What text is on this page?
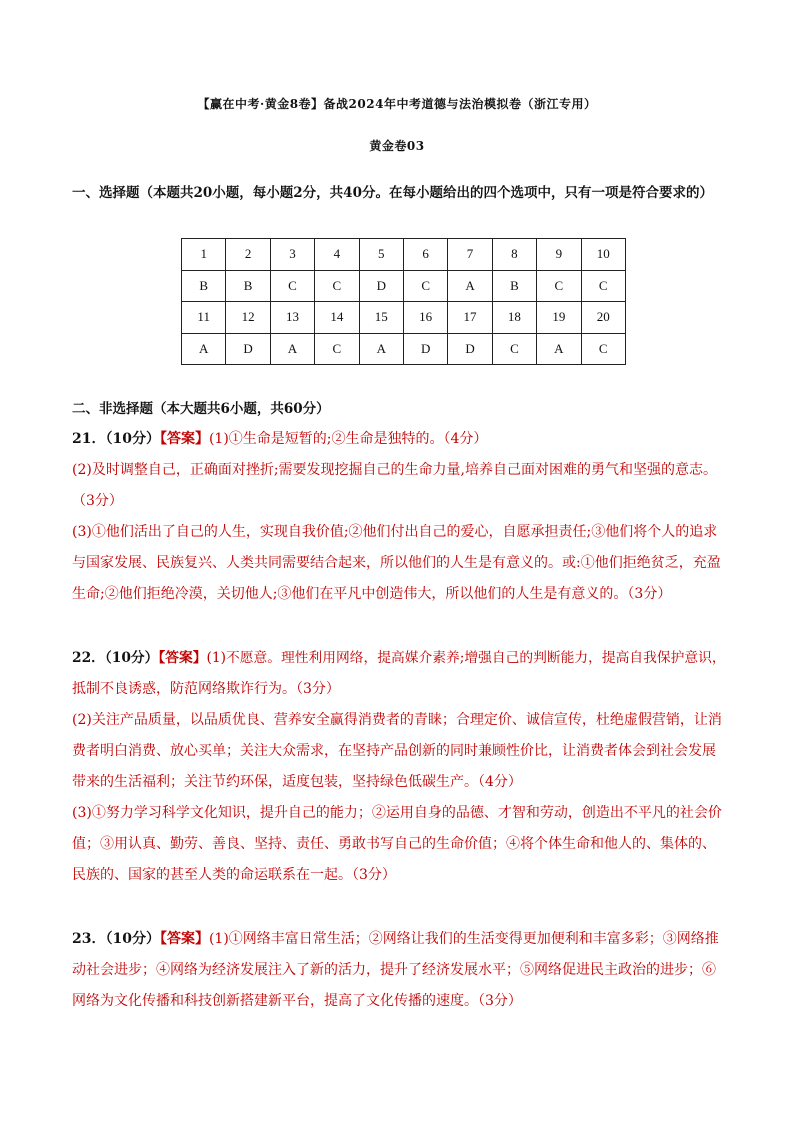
【赢在中考·黄金8卷】备战2024年中考道德与法治模拟卷（浙江专用）
黄金卷03
一、选择题（本题共20小题，每小题2分，共40分。在每小题给出的四个选项中，只有一项是符合要求的）
1	2	3	4	5	6	7	8	9	10
B	B	C	C	D	C	A	B	C	C
11	12	13	14	15	16	17	18	19	20
A	D	A	C	A	D	D	C	A	C
二、非选择题（本大题共6小题，共60分）
21．（10分）【答案】(1)①生命是短暂的;②生命是独特的。（4分）
(2)及时调整自己，正确面对挫折;需要发现挖掘自己的生命力量,培养自己面对困难的勇气和坚强的意志。
（3分）
(3)①他们活出了自己的人生，实现自我价值;②他们付出自己的爱心，自愿承担责任;③他们将个人的追求
与国家发展、民族复兴、人类共同需要结合起来，所以他们的人生是有意义的。或:①他们拒绝贫乏，充盈
生命;②他们拒绝冷漠，关切他人;③他们在平凡中创造伟大，所以他们的人生是有意义的。（3分）
22．（10分）【答案】(1)不愿意。理性利用网络，提高媒介素养;增强自己的判断能力，提高自我保护意识，
抵制不良诱惑，防范网络欺诈行为。（3分）
(2)关注产品质量，以品质优良、营养安全赢得消费者的青睐；合理定价、诚信宣传，杜绝虚假营销，让消
费者明白消费、放心买单；关注大众需求，在坚持产品创新的同时兼顾性价比，让消费者体会到社会发展
带来的生活福利；关注节约环保，适度包装，坚持绿色低碳生产。（4分）
(3)①努力学习科学文化知识，提升自己的能力；②运用自身的品德、才智和劳动，创造出不平凡的社会价
值；③用认真、勤劳、善良、坚持、责任、勇敢书写自己的生命价值；④将个体生命和他人的、集体的、
民族的、国家的甚至人类的命运联系在一起。（3分）
23．（10分）【答案】(1)①网络丰富日常生活；②网络让我们的生活变得更加便利和丰富多彩；③网络推
动社会进步；④网络为经济发展注入了新的活力，提升了经济发展水平；⑤网络促进民主政治的进步；⑥
网络为文化传播和科技创新搭建新平台，提高了文化传播的速度。（3分）
